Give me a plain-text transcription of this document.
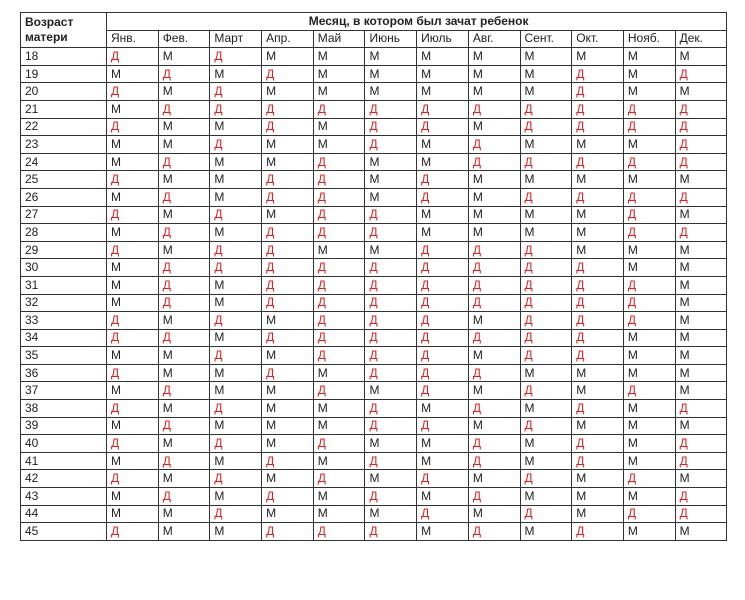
Возраст матери	Месяц, в котором был зачат ребенок											
	Янв.	Фев.	Март	Апр.	Май	Июнь	Июль	Авг.	Сент.	Окт.	Нояб.	Дек.
18	Д	М	Д	М	М	М	М	М	М	М	М	М
19	М	Д	М	Д	М	М	М	М	М	Д	М	Д
20	Д	М	Д	М	М	М	М	М	М	Д	М	М
21	М	Д	Д	Д	Д	Д	Д	Д	Д	Д	Д	Д
22	Д	М	М	Д	М	Д	Д	М	Д	Д	Д	Д
23	М	М	Д	М	М	Д	М	Д	М	М	М	Д
24	М	Д	М	М	Д	М	М	Д	Д	Д	Д	Д
25	Д	М	М	Д	Д	М	Д	М	М	М	М	М
26	М	Д	М	Д	Д	М	Д	М	Д	Д	Д	Д
27	Д	М	Д	М	Д	Д	М	М	М	М	Д	М
28	М	Д	М	Д	Д	Д	М	М	М	М	Д	Д
29	Д	М	Д	Д	М	М	Д	Д	Д	М	М	М
30	М	Д	Д	Д	Д	Д	Д	Д	Д	Д	М	М
31	М	Д	М	Д	Д	Д	Д	Д	Д	Д	Д	М
32	М	Д	М	Д	Д	Д	Д	Д	Д	Д	Д	М
33	Д	М	Д	М	Д	Д	Д	М	Д	Д	Д	М
34	Д	Д	М	Д	Д	Д	Д	Д	Д	Д	М	М
35	М	М	Д	М	Д	Д	Д	М	Д	Д	М	М
36	Д	М	М	Д	М	Д	Д	Д	М	М	М	М
37	М	Д	М	М	Д	М	Д	М	Д	М	Д	М
38	Д	М	Д	М	М	Д	М	Д	М	Д	М	Д
39	М	Д	М	М	М	Д	Д	М	Д	М	М	М
40	Д	М	Д	М	Д	М	М	Д	М	Д	М	Д
41	М	Д	М	Д	М	Д	М	Д	М	Д	М	Д
42	Д	М	Д	М	Д	М	Д	М	Д	М	Д	М
43	М	Д	М	Д	М	Д	М	Д	М	М	М	Д
44	М	М	Д	М	М	М	Д	М	Д	М	Д	Д
45	Д	М	М	Д	Д	Д	М	Д	М	Д	М	М
